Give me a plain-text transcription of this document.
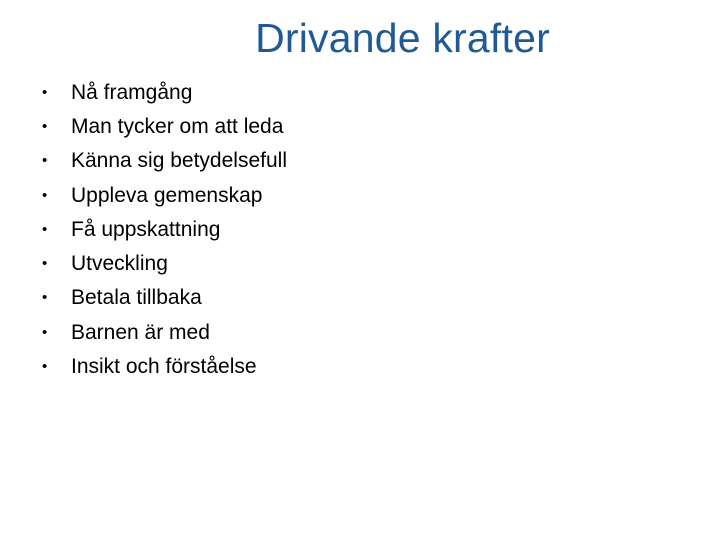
Drivande krafter
•	Nå framgång
•	Man tycker om att leda
•	Känna sig betydelsefull
•	Uppleva gemenskap
•	Få uppskattning
•	Utveckling
•	Betala tillbaka
•	Barnen är med
•	Insikt och förståelse
